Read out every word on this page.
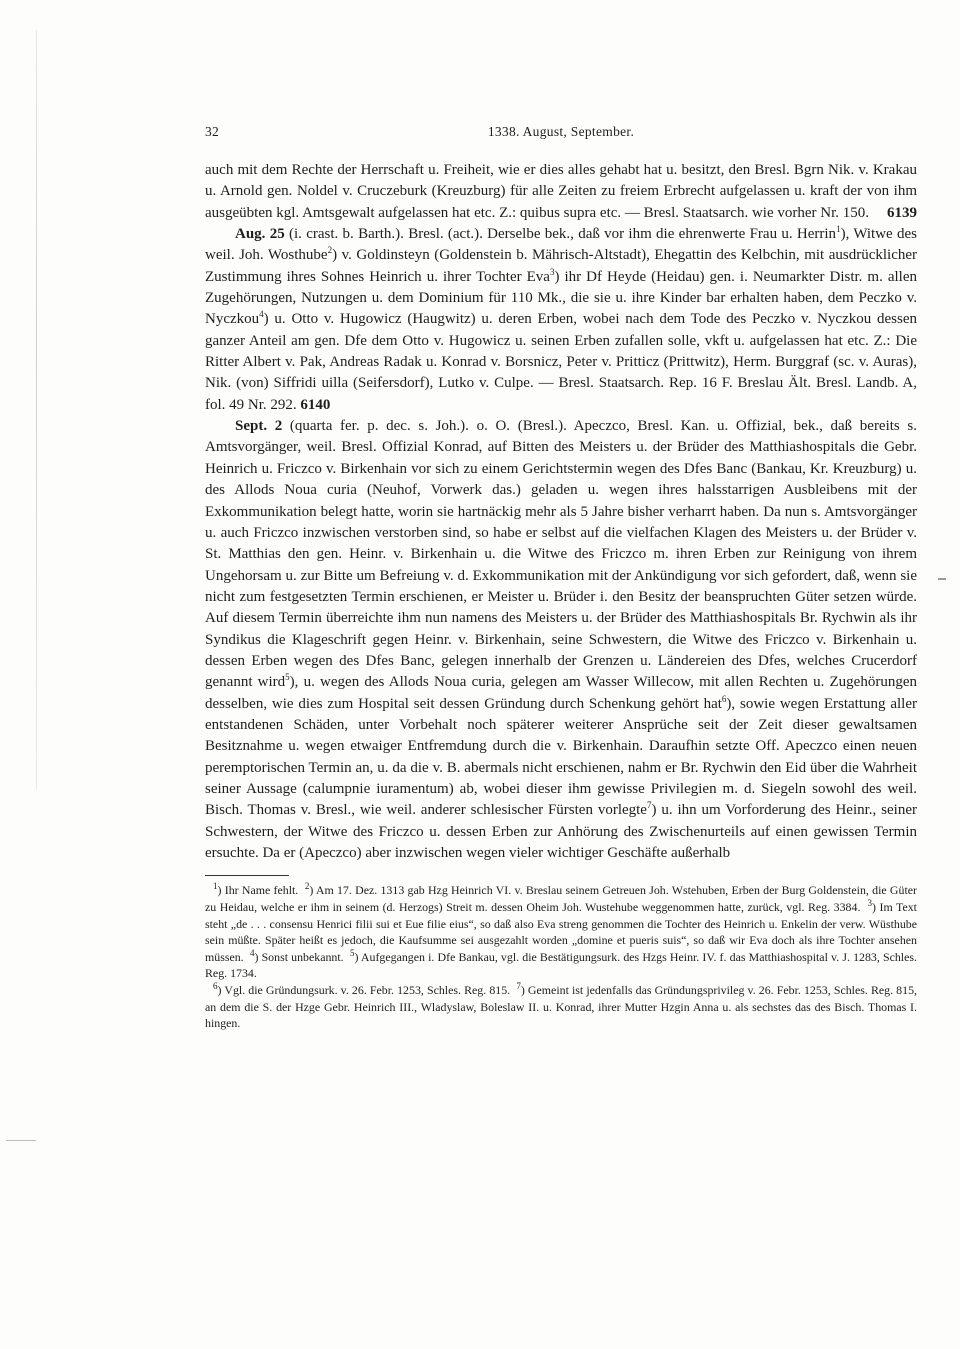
32	1338. August, September.

auch mit dem Rechte der Herrschaft u. Freiheit, wie er dies alles gehabt hat u. besitzt, den Bresl. Bgrn Nik. v. Krakau u. Arnold gen. Noldel v. Cruczeburk (Kreuzburg) für alle Zeiten zu freiem Erbrecht aufgelassen u. kraft der von ihm ausgeübten kgl. Amtsgewalt aufgelassen hat etc. Z.: quibus supra etc. — Bresl. Staatsarch. wie vorher Nr. 150. 6139

Aug. 25 (i. crast. b. Barth.). Bresl. (act.). Derselbe bek., daß vor ihm die ehrenwerte Frau u. Herrin$^1$), Witwe des weil. Joh. Wosthube$^2$) v. Goldinsteyn (Goldenstein b. Mährisch-Altstadt), Ehegattin des Kelbchin, mit ausdrücklicher Zustimmung ihres Sohnes Heinrich u. ihrer Tochter Eva$^3$) ihr Df Heyde (Heidau) gen. i. Neumarkter Distr. m. allen Zugehörungen, Nutzungen u. dem Dominium für 110 Mk., die sie u. ihre Kinder bar erhalten haben, dem Peczko v. Nyczkou$^4$) u. Otto v. Hugowicz (Haugwitz) u. deren Erben, wobei nach dem Tode des Peczko v. Nyczkou dessen ganzer Anteil am gen. Dfe dem Otto v. Hugowicz u. seinen Erben zufallen solle, vkft u. aufgelassen hat etc. Z.: Die Ritter Albert v. Pak, Andreas Radak u. Konrad v. Borsnicz, Peter v. Pritticz (Prittwitz), Herm. Burggraf (sc. v. Auras), Nik. (von) Siffridi uilla (Seifersdorf), Lutko v. Culpe. — Bresl. Staatsarch. Rep. 16 F. Breslau Ält. Bresl. Landb. A, fol. 49 Nr. 292. 6140

Sept. 2 (quarta fer. p. dec. s. Joh.). o. O. (Bresl.). Apeczco, Bresl. Kan. u. Offizial, bek., daß bereits s. Amtsvorgänger, weil. Bresl. Offizial Konrad, auf Bitten des Meisters u. der Brüder des Matthiashospitals die Gebr. Heinrich u. Friczco v. Birkenhain vor sich zu einem Gerichtstermin wegen des Dfes Banc (Bankau, Kr. Kreuzburg) u. des Allods Noua curia (Neuhof, Vorwerk das.) geladen u. wegen ihres halsstarrigen Ausbleibens mit der Exkommunikation belegt hatte, worin sie hartnäckig mehr als 5 Jahre bisher verharrt haben. Da nun s. Amtsvorgänger u. auch Friczco inzwischen verstorben sind, so habe er selbst auf die vielfachen Klagen des Meisters u. der Brüder v. St. Matthias den gen. Heinr. v. Birkenhain u. die Witwe des Friczco m. ihren Erben zur Reinigung von ihrem Ungehorsam u. zur Bitte um Befreiung v. d. Exkommunikation mit der Ankündigung vor sich gefordert, daß, wenn sie nicht zum festgesetzten Termin erschienen, er Meister u. Brüder i. den Besitz der beanspruchten Güter setzen würde. Auf diesem Termin überreichte ihm nun namens des Meisters u. der Brüder des Matthiashospitals Br. Rychwin als ihr Syndikus die Klageschrift gegen Heinr. v. Birkenhain, seine Schwestern, die Witwe des Friczco v. Birkenhain u. dessen Erben wegen des Dfes Banc, gelegen innerhalb der Grenzen u. Ländereien des Dfes, welches Crucerdorf genannt wird$^5$), u. wegen des Allods Noua curia, gelegen am Wasser Willecow, mit allen Rechten u. Zugehörungen desselben, wie dies zum Hospital seit dessen Gründung durch Schenkung gehört hat$^6$), sowie wegen Erstattung aller entstandenen Schäden, unter Vorbehalt noch späterer weiterer Ansprüche seit der Zeit dieser gewaltsamen Besitznahme u. wegen etwaiger Entfremdung durch die v. Birkenhain. Daraufhin setzte Off. Apeczco einen neuen peremptorischen Termin an, u. da die v. B. abermals nicht erschienen, nahm er Br. Rychwin den Eid über die Wahrheit seiner Aussage (calumpnie iuramentum) ab, wobei dieser ihm gewisse Privilegien m. d. Siegeln sowohl des weil. Bisch. Thomas v. Bresl., wie weil. anderer schlesischer Fürsten vorlegte$^7$) u. ihn um Vorforderung des Heinr., seiner Schwestern, der Witwe des Friczco u. dessen Erben zur Anhörung des Zwischenurteils auf einen gewissen Termin ersuchte. Da er (Apeczco) aber inzwischen wegen vieler wichtiger Geschäfte außerhalb

$^1$) Ihr Name fehlt. $^2$) Am 17. Dez. 1313 gab Hzg Heinrich VI. v. Breslau seinem Getreuen Joh. Wstehuben, Erben der Burg Goldenstein, die Güter zu Heidau, welche er ihm in seinem (d. Herzogs) Streit m. dessen Oheim Joh. Wustehube weggenommen hatte, zurück, vgl. Reg. 3384. $^3$) Im Text steht „de . . . consensu Henrici filii sui et Eue filie eius“, so daß also Eva streng genommen die Tochter des Heinrich u. Enkelin der verw. Wüsthube sein müßte. Später heißt es jedoch, die Kaufsumme sei ausgezahlt worden „domine et pueris suis“, so daß wir Eva doch als ihre Tochter ansehen müssen. $^4$) Sonst unbekannt. $^5$) Aufgegangen i. Dfe Bankau, vgl. die Bestätigungsurk. des Hzgs Heinr. IV. f. das Matthiashospital v. J. 1283, Schles. Reg. 1734.

$^6$) Vgl. die Gründungsurk. v. 26. Febr. 1253, Schles. Reg. 815. $^7$) Gemeint ist jedenfalls das Gründungsprivileg v. 26. Febr. 1253, Schles. Reg. 815, an dem die S. der Hzge Gebr. Heinrich III., Wladyslaw, Boleslaw II. u. Konrad, ihrer Mutter Hzgin Anna u. als sechstes das des Bisch. Thomas I. hingen.
